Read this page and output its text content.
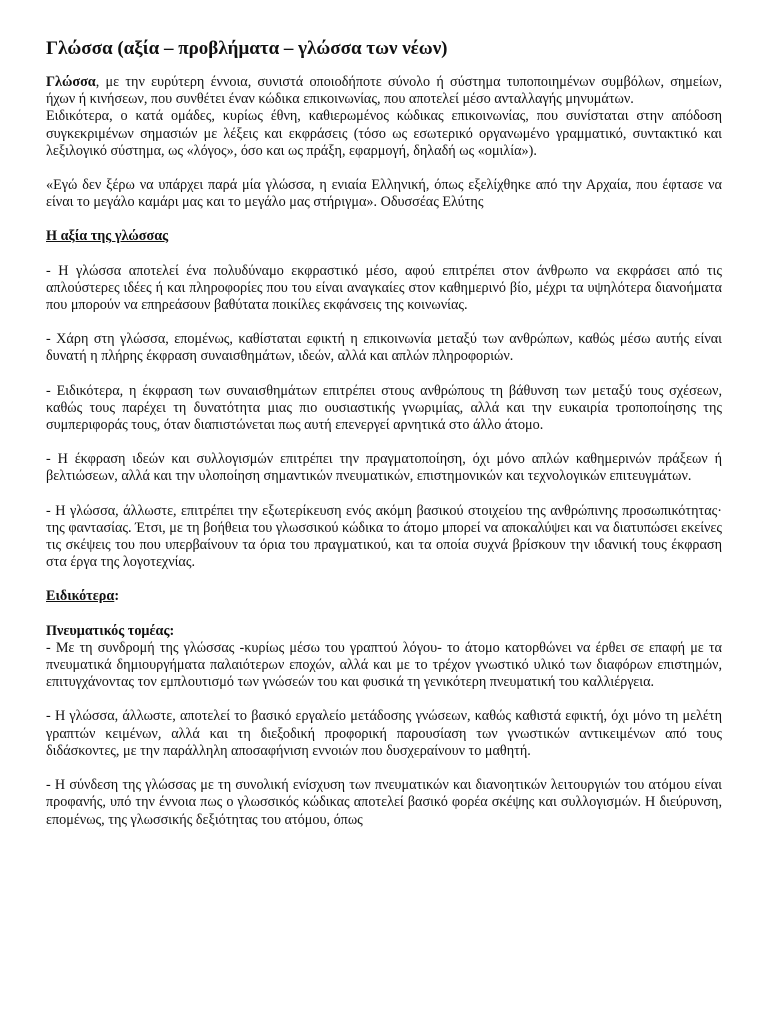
Γλώσσα (αξία – προβλήματα – γλώσσα των νέων)

Γλώσσα, με την ευρύτερη έννοια, συνιστά οποιοδήποτε σύνολο ή σύστημα τυποποιημένων συμβόλων, σημείων, ήχων ή κινήσεων, που συνθέτει έναν κώδικα επικοινωνίας, που αποτελεί μέσο ανταλλαγής μηνυμάτων.

Ειδικότερα, ο κατά ομάδες, κυρίως έθνη, καθιερωμένος κώδικας επικοινωνίας, που συνίσταται στην απόδοση συγκεκριμένων σημασιών με λέξεις και εκφράσεις (τόσο ως εσωτερικό οργανωμένο γραμματικό, συντακτικό και λεξιλογικό σύστημα, ως «λόγος», όσο και ως πράξη, εφαρμογή, δηλαδή ως «ομιλία»).

«Εγώ δεν ξέρω να υπάρχει παρά μία γλώσσα, η ενιαία Ελληνική, όπως εξελίχθηκε από την Αρχαία, που έφτασε να είναι το μεγάλο καμάρι μας και το μεγάλο μας στήριγμα». Οδυσσέας Ελύτης

Η αξία της γλώσσας

- Η γλώσσα αποτελεί ένα πολυδύναμο εκφραστικό μέσο, αφού επιτρέπει στον άνθρωπο να εκφράσει από τις απλούστερες ιδέες ή και πληροφορίες που του είναι αναγκαίες στον καθημερινό βίο, μέχρι τα υψηλότερα διανοήματα που μπορούν να επηρεάσουν βαθύτατα ποικίλες εκφάνσεις της κοινωνίας.

- Χάρη στη γλώσσα, επομένως, καθίσταται εφικτή η επικοινωνία μεταξύ των ανθρώπων, καθώς μέσω αυτής είναι δυνατή η πλήρης έκφραση συναισθημάτων, ιδεών, αλλά και απλών πληροφοριών.

- Ειδικότερα, η έκφραση των συναισθημάτων επιτρέπει στους ανθρώπους τη βάθυνση των μεταξύ τους σχέσεων, καθώς τους παρέχει τη δυνατότητα μιας πιο ουσιαστικής γνωριμίας, αλλά και την ευκαιρία τροποποίησης της συμπεριφοράς τους, όταν διαπιστώνεται πως αυτή επενεργεί αρνητικά στο άλλο άτομο.

- Η έκφραση ιδεών και συλλογισμών επιτρέπει την πραγματοποίηση, όχι μόνο απλών καθημερινών πράξεων ή βελτιώσεων, αλλά και την υλοποίηση σημαντικών πνευματικών, επιστημονικών και τεχνολογικών επιτευγμάτων.

- Η γλώσσα, άλλωστε, επιτρέπει την εξωτερίκευση ενός ακόμη βασικού στοιχείου της ανθρώπινης προσωπικότητας· της φαντασίας. Έτσι, με τη βοήθεια του γλωσσικού κώδικα το άτομο μπορεί να αποκαλύψει και να διατυπώσει εκείνες τις σκέψεις του που υπερβαίνουν τα όρια του πραγματικού, και τα οποία συχνά βρίσκουν την ιδανική τους έκφραση στα έργα της λογοτεχνίας.

Ειδικότερα:

Πνευματικός τομέας:

- Με τη συνδρομή της γλώσσας -κυρίως μέσω του γραπτού λόγου- το άτομο κατορθώνει να έρθει σε επαφή με τα πνευματικά δημιουργήματα παλαιότερων εποχών, αλλά και με το τρέχον γνωστικό υλικό των διαφόρων επιστημών, επιτυγχάνοντας τον εμπλουτισμό των γνώσεών του και φυσικά τη γενικότερη πνευματική του καλλιέργεια.

- Η γλώσσα, άλλωστε, αποτελεί το βασικό εργαλείο μετάδοσης γνώσεων, καθώς καθιστά εφικτή, όχι μόνο τη μελέτη γραπτών κειμένων, αλλά και τη διεξοδική προφορική παρουσίαση των γνωστικών αντικειμένων από τους διδάσκοντες, με την παράλληλη αποσαφήνιση εννοιών που δυσχεραίνουν το μαθητή.

- Η σύνδεση της γλώσσας με τη συνολική ενίσχυση των πνευματικών και διανοητικών λειτουργιών του ατόμου είναι προφανής, υπό την έννοια πως ο γλωσσικός κώδικας αποτελεί βασικό φορέα σκέψης και συλλογισμών. Η διεύρυνση, επομένως, της γλωσσικής δεξιότητας του ατόμου, όπως
